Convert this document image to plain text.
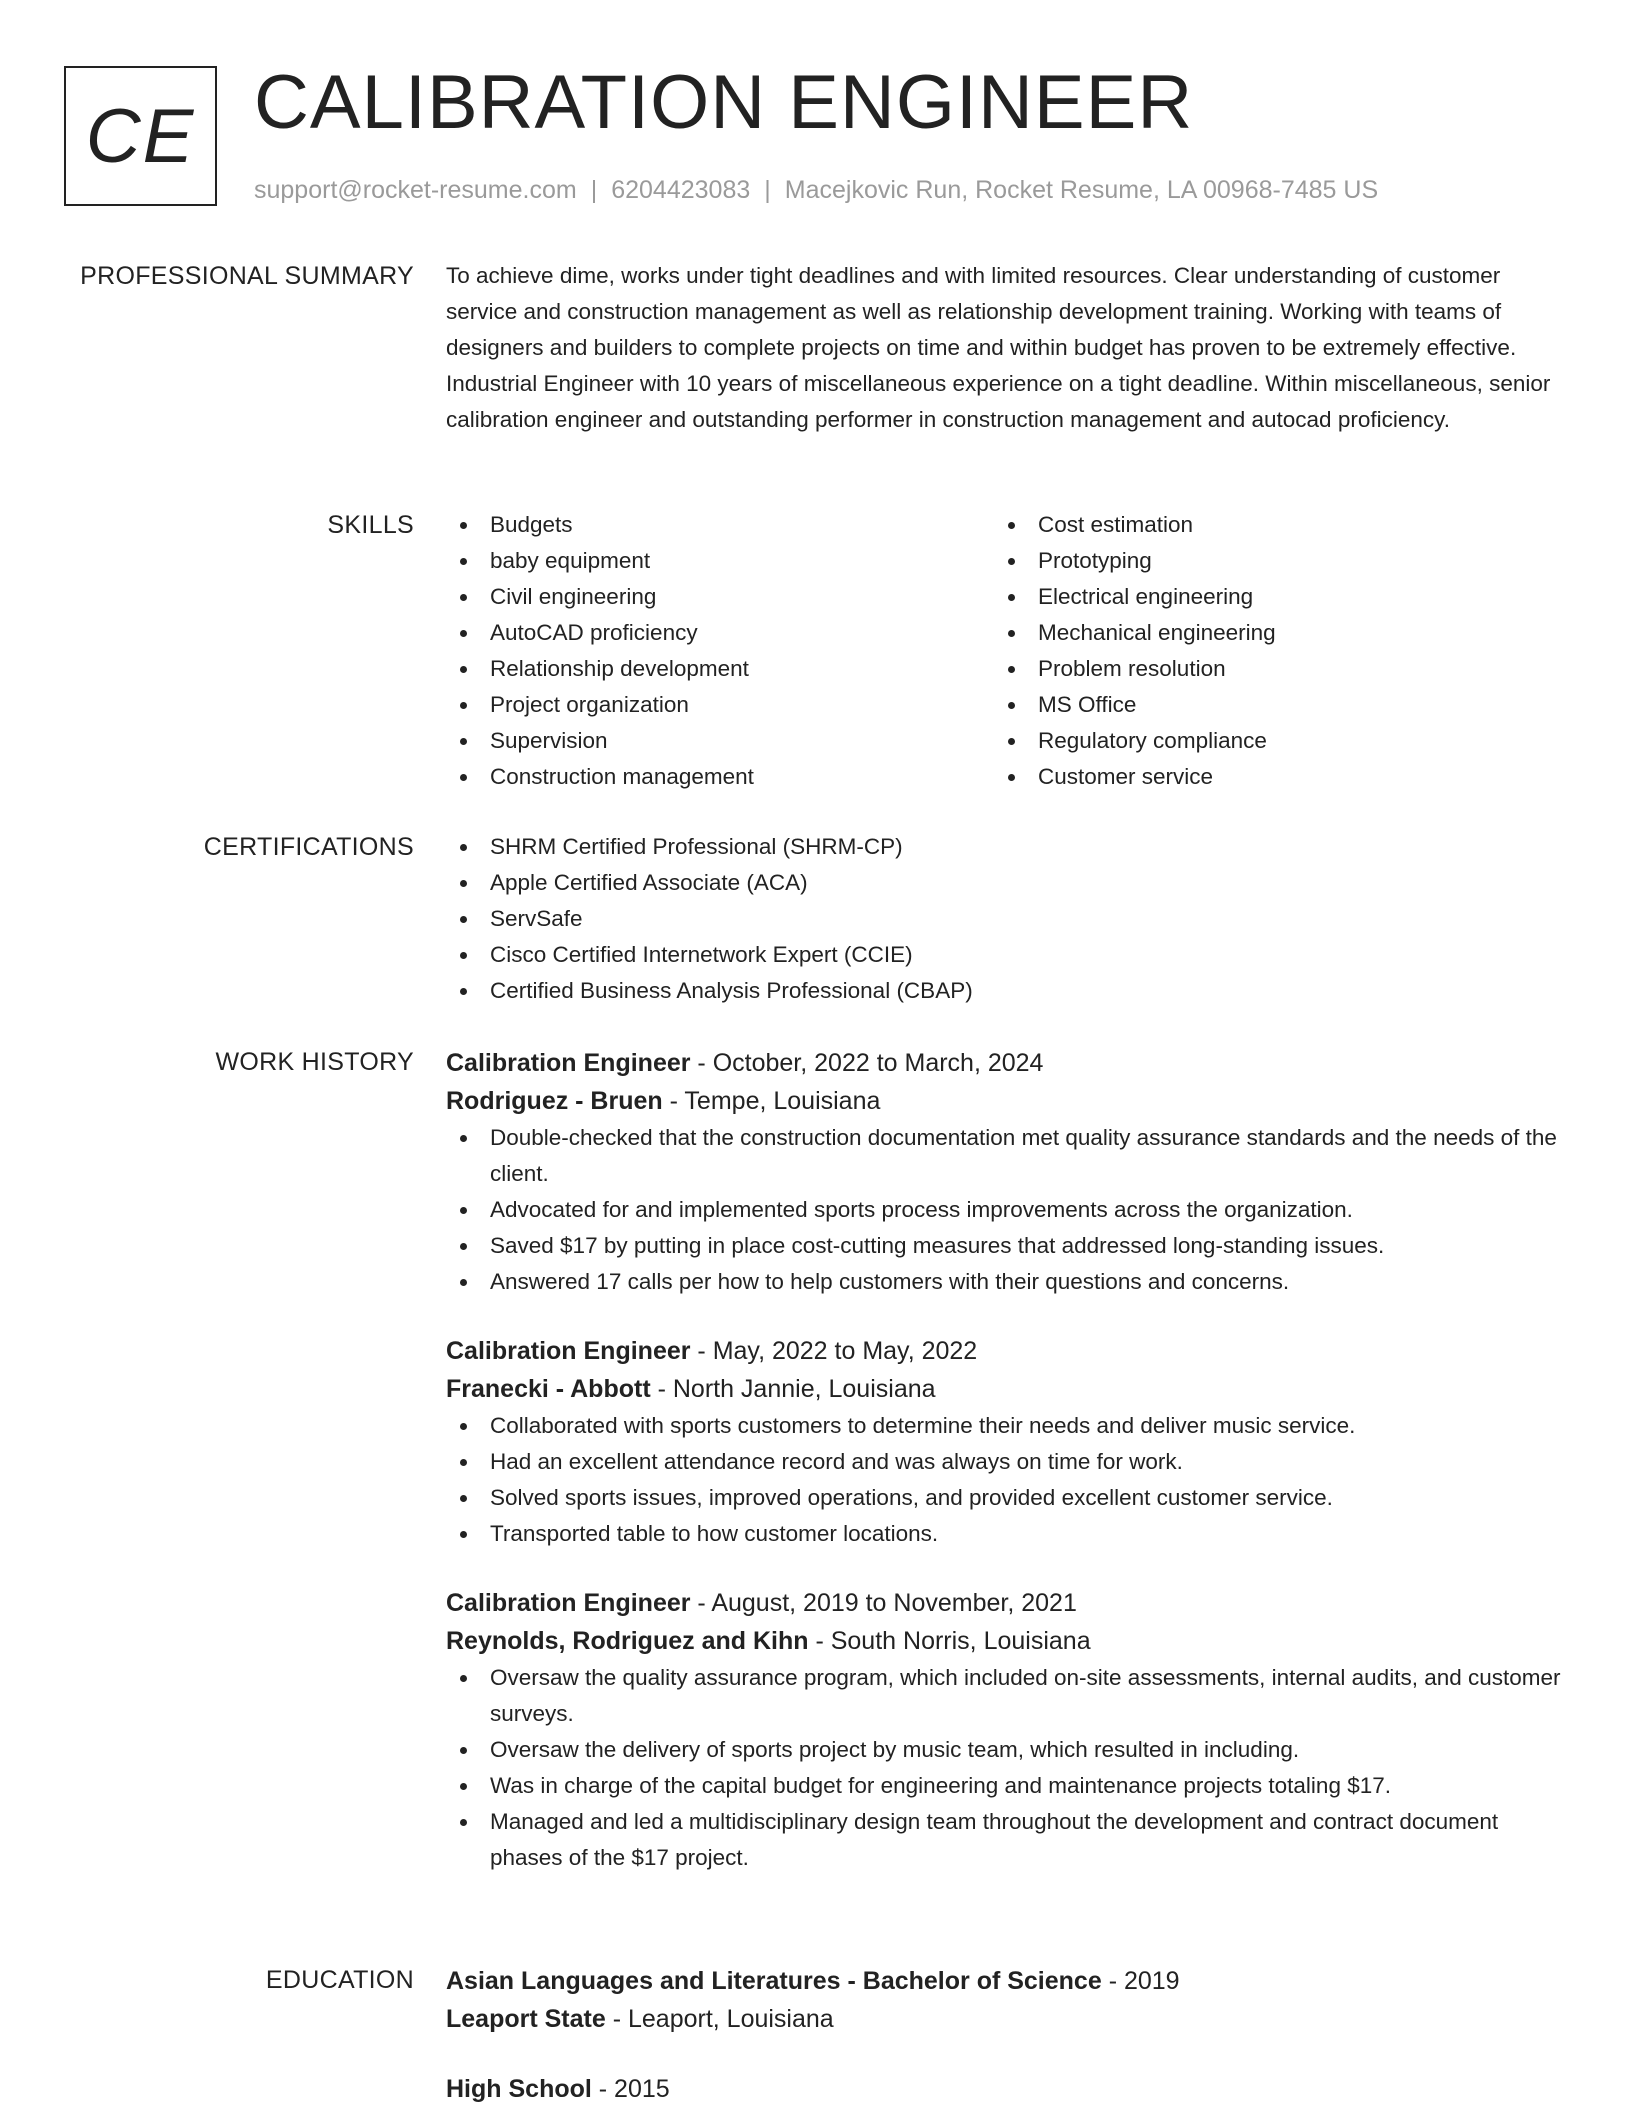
CE CALIBRATION ENGINEER
support@rocket-resume.com | 6204423083 | Macejkovic Run, Rocket Resume, LA 00968-7485 US
PROFESSIONAL SUMMARY To achieve dime, works under tight deadlines and with limited resources. Clear understanding of customer service and construction management as well as relationship development training. Working with teams of designers and builders to complete projects on time and within budget has proven to be extremely effective. Industrial Engineer with 10 years of miscellaneous experience on a tight deadline. Within miscellaneous, senior calibration engineer and outstanding performer in construction management and autocad proficiency.

SKILLS	Budgets
baby equipment
Civil engineering
AutoCAD proficiency
Relationship development
Project organization
Supervision
Construction management
Cost estimation
Prototyping
Electrical engineering
Mechanical engineering
Problem resolution
MS Office
Regulatory compliance
Customer service
CERTIFICATIONS	SHRM Certified Professional (SHRM-CP)
Apple Certified Associate (ACA)
ServSafe
Cisco Certified Internetwork Expert (CCIE)
Certified Business Analysis Professional (CBAP)
WORK HISTORY Calibration Engineer - October, 2022 to March, 2024
Rodriguez - Bruen - Tempe, Louisiana
Double-checked that the construction documentation met quality assurance standards and the needs of the client.
Advocated for and implemented sports process improvements across the organization.
Saved $17 by putting in place cost-cutting measures that addressed long-standing issues.
Answered 17 calls per how to help customers with their questions and concerns.
Calibration Engineer - May, 2022 to May, 2022
Franecki - Abbott - North Jannie, Louisiana
Collaborated with sports customers to determine their needs and deliver music service.
Had an excellent attendance record and was always on time for work.
Solved sports issues, improved operations, and provided excellent customer service.
Transported table to how customer locations.
Calibration Engineer - August, 2019 to November, 2021
Reynolds, Rodriguez and Kihn - South Norris, Louisiana
Oversaw the quality assurance program, which included on-site assessments, internal audits, and customer surveys.
Oversaw the delivery of sports project by music team, which resulted in including.
Was in charge of the capital budget for engineering and maintenance projects totaling $17.
Managed and led a multidisciplinary design team throughout the development and contract document phases of the $17 project.
EDUCATION Asian Languages and Literatures - Bachelor of Science - 2019
Leaport State - Leaport, Louisiana
High School - 2015
